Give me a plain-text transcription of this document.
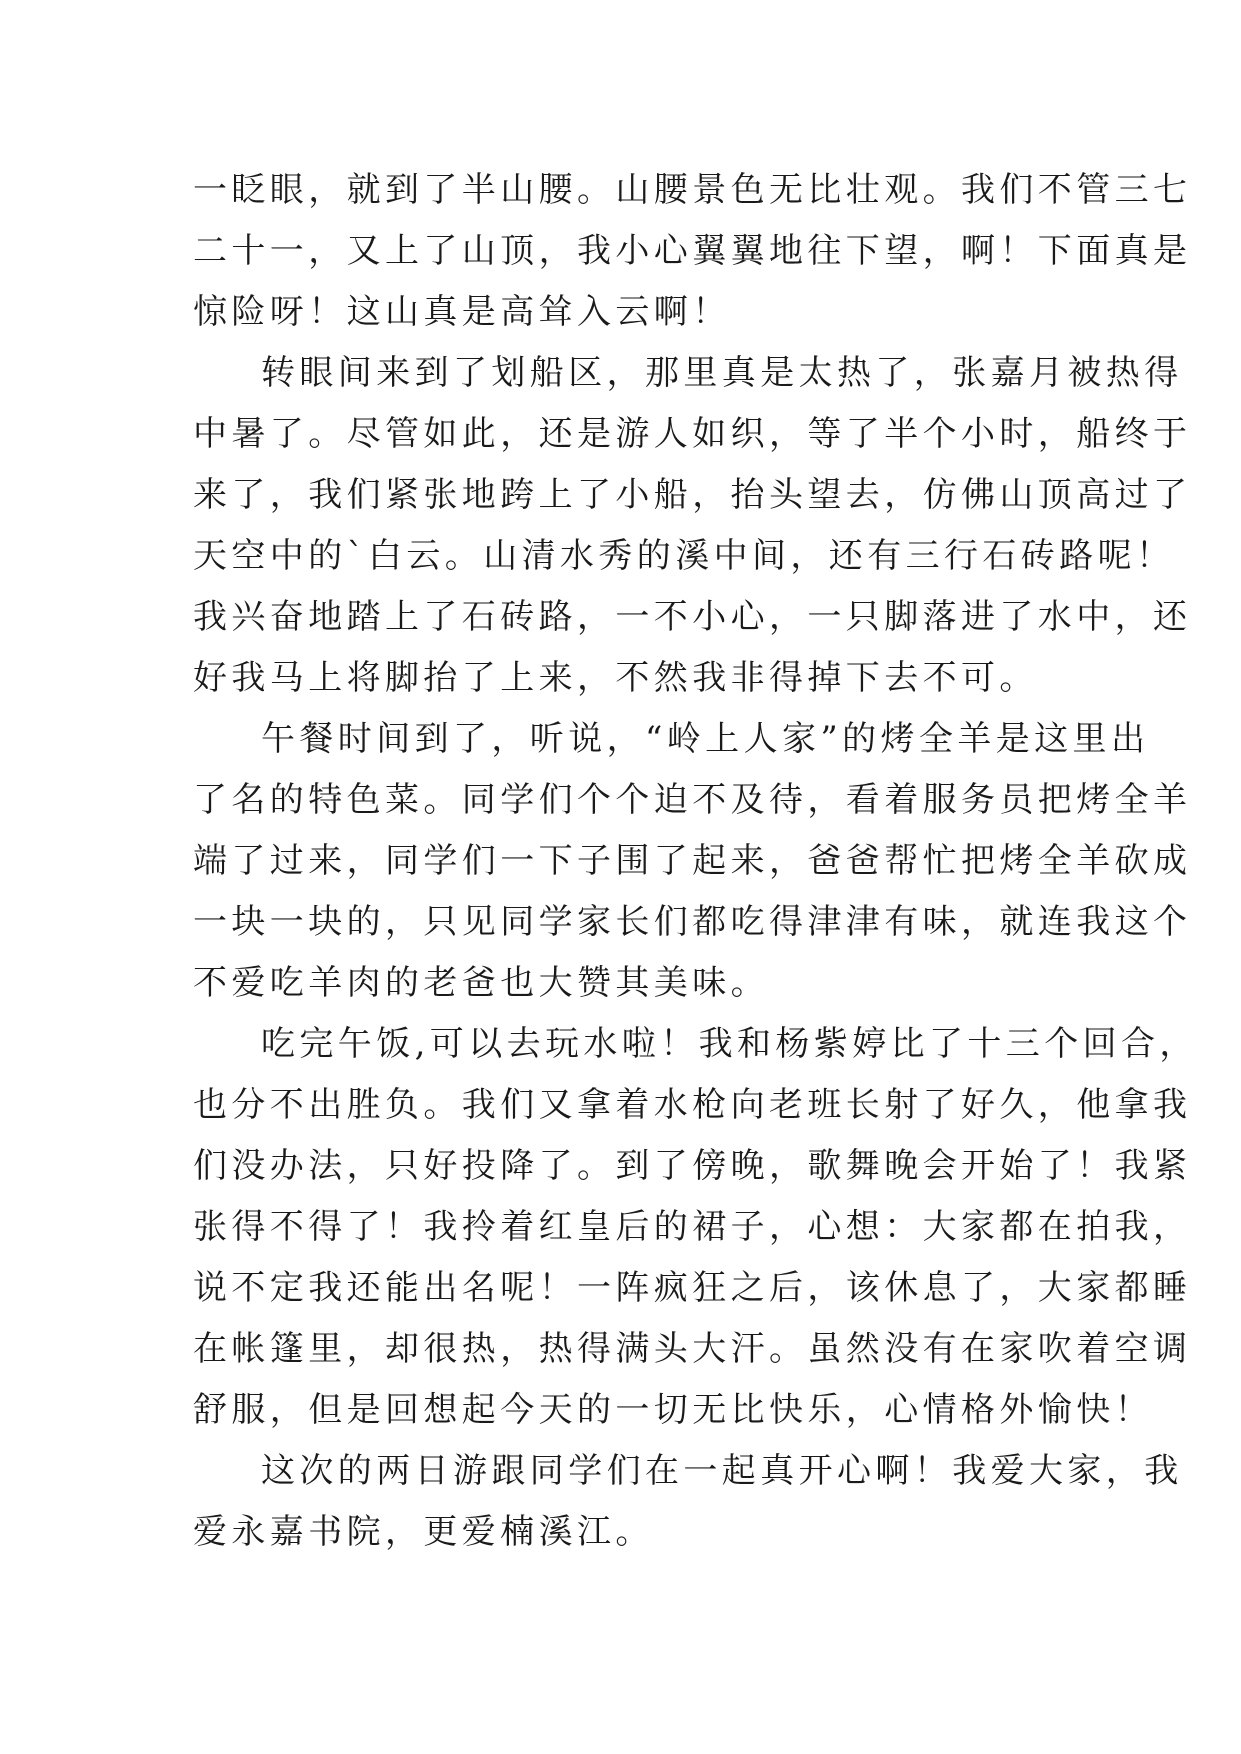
一眨眼，就到了半山腰。山腰景色无比壮观。我们不管三七
二十一，又上了山顶，我小心翼翼地往下望，啊！下面真是
惊险呀！这山真是高耸入云啊！
转眼间来到了划船区，那里真是太热了，张嘉月被热得
中暑了。尽管如此，还是游人如织，等了半个小时，船终于
来了，我们紧张地跨上了小船，抬头望去，仿佛山顶高过了
天空中的`白云。山清水秀的溪中间，还有三行石砖路呢！
我兴奋地踏上了石砖路，一不小心，一只脚落进了水中，还
好我马上将脚抬了上来，不然我非得掉下去不可。
午餐时间到了，听说，“岭上人家”的烤全羊是这里出
了名的特色菜。同学们个个迫不及待，看着服务员把烤全羊
端了过来，同学们一下子围了起来，爸爸帮忙把烤全羊砍成
一块一块的，只见同学家长们都吃得津津有味，就连我这个
不爱吃羊肉的老爸也大赞其美味。
吃完午饭,可以去玩水啦！我和杨紫婷比了十三个回合，
也分不出胜负。我们又拿着水枪向老班长射了好久，他拿我
们没办法，只好投降了。到了傍晚，歌舞晚会开始了！我紧
张得不得了！我拎着红皇后的裙子，心想：大家都在拍我，
说不定我还能出名呢！一阵疯狂之后，该休息了，大家都睡
在帐篷里，却很热，热得满头大汗。虽然没有在家吹着空调
舒服，但是回想起今天的一切无比快乐，心情格外愉快！
这次的两日游跟同学们在一起真开心啊！我爱大家，我
爱永嘉书院，更爱楠溪江。
